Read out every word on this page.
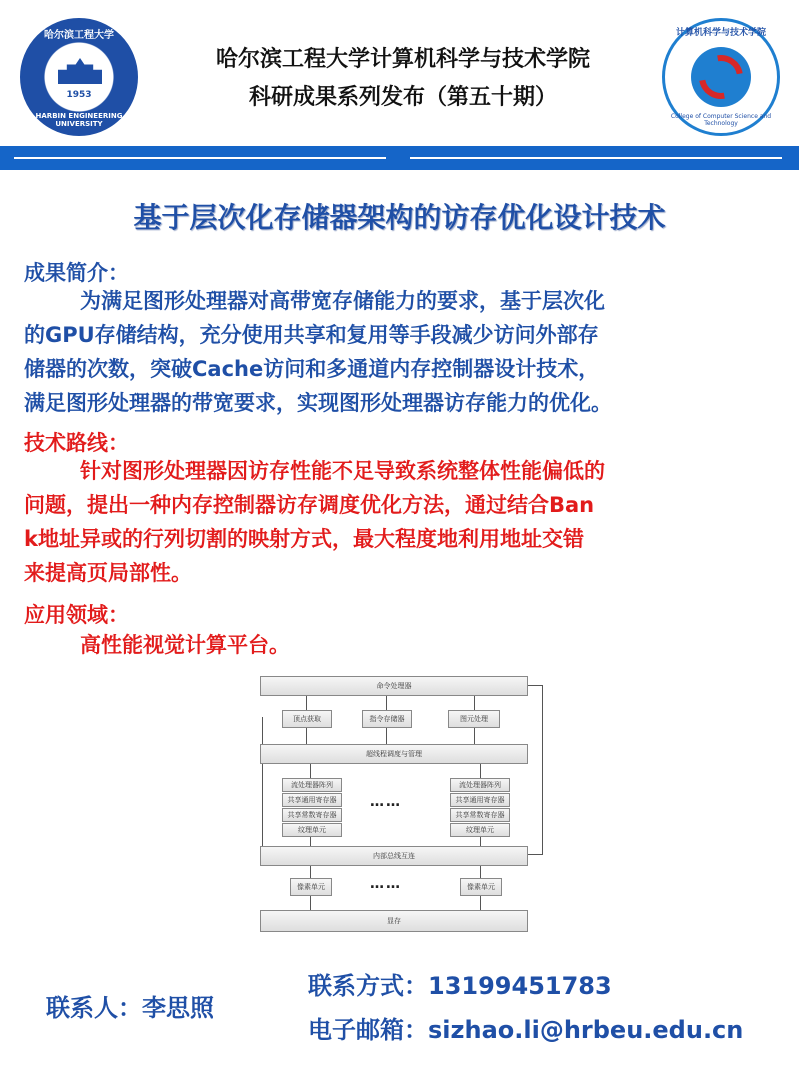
哈尔滨工程大学
1953
HARBIN ENGINEERING UNIVERSITY
哈尔滨工程大学计算机科学与技术学院
科研成果系列发布（第五十期）
计算机科学与技术学院
College of Computer Science and Technology
基于层次化存储器架构的访存优化设计技术
成果简介：
为满足图形处理器对高带宽存储能力的要求，基于层次化
的GPU存储结构，充分使用共享和复用等手段减少访问外部存
储器的次数，突破Cache访问和多通道内存控制器设计技术，
满足图形处理器的带宽要求，实现图形处理器访存能力的优化。
技术路线：
针对图形处理器因访存性能不足导致系统整体性能偏低的
问题，提出一种内存控制器访存调度优化方法，通过结合Ban
k地址异或的行列切割的映射方式，最大程度地利用地址交错
来提高页局部性。
应用领域：
高性能视觉计算平台。
命令处理器
顶点获取	指令存储器	图元处理
超线程调度与管理
流处理器阵列
共享通用寄存器
共享常数寄存器
纹理单元
……
流处理器阵列
共享通用寄存器
共享常数寄存器
纹理单元
内部总线互连
像素单元	……	像素单元
显存
联系人：李思照
联系方式：13199451783
电子邮箱：sizhao.li@hrbeu.edu.cn
